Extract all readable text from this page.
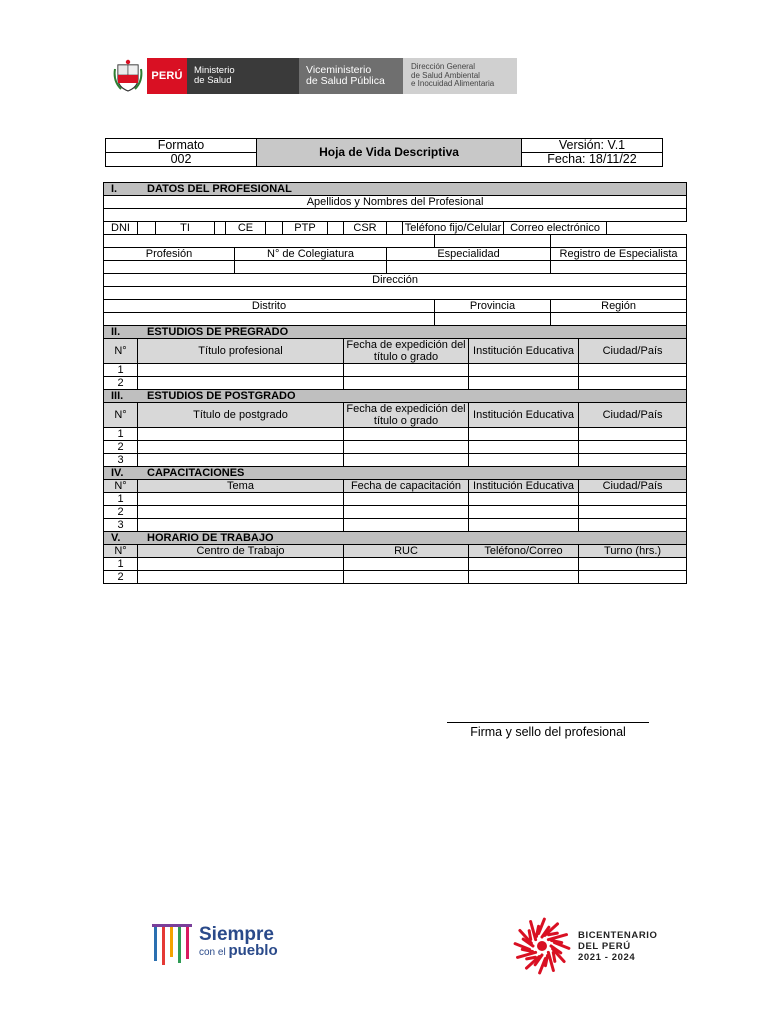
PERÚ	Ministerio
de Salud
Viceministerio
de Salud Pública
Dirección General
de Salud Ambiental
e Inocuidad Alimentaria
Formato	Hoja de Vida Descriptiva	Versión: V.1
002		Fecha: 18/11/22
I. DATOS DEL PROFESIONAL																
Apellidos y Nombres del Profesional																

DNI		TI		CE			PTP		CSR		Teléfono fijo/Celular			Correo electrónico		

Profesión					N° de Colegiatura					Especialidad					Registro de Especialista	

Dirección																

Distrito												Provincia			Región	

II. ESTUDIOS DE PREGRADO																
N°	Título profesional								Fecha de expedición del título o grado				Institución Educativa			Ciudad/País
1																
2																
III. ESTUDIOS DE POSTGRADO																
N°	Título de postgrado								Fecha de expedición del título o grado				Institución Educativa			Ciudad/País
1																
2																
3																
IV. CAPACITACIONES																
N°	Tema								Fecha de capacitación				Institución Educativa			Ciudad/País
1																
2																
3																
V. HORARIO DE TRABAJO																
N°	Centro de Trabajo								RUC				Teléfono/Correo			Turno (hrs.)
1																
2																
Firma y sello del profesional
Siempre
con el pueblo
BICENTENARIO
DEL PERÚ
2021 - 2024
